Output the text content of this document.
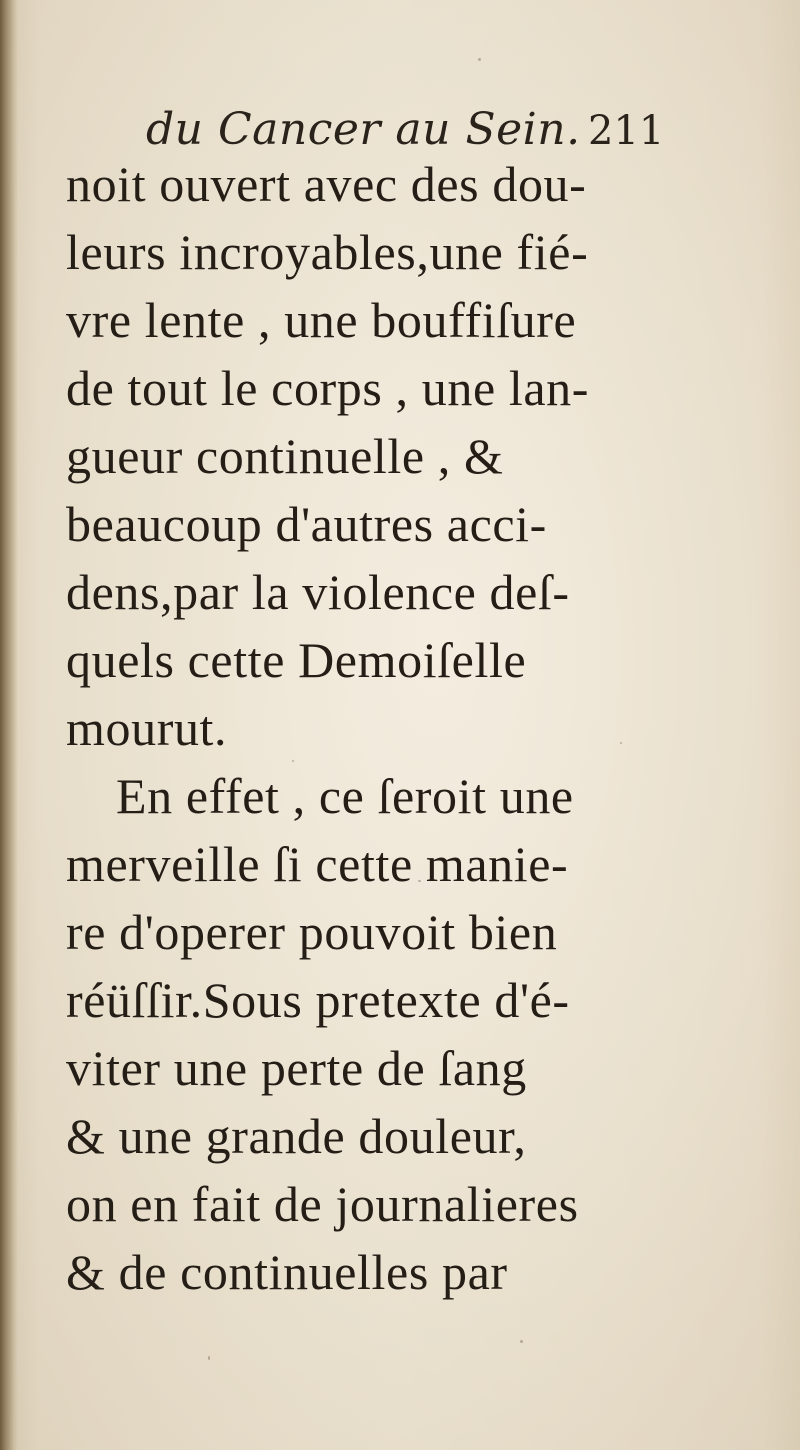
du Cancer au Sein. 211
noit ouvert avec des dou-
leurs incroyables,une fié-
vre lente , une bouffiſure
de tout le corps , une lan-
gueur continuelle , &
beaucoup d'autres acci-
dens,par la violence deſ-
quels cette Demoiſelle
mourut.
En effet , ce ſeroit une
merveille ſi cette manie-
re d'operer pouvoit bien
réüſſir.Sous pretexte d'é-
viter une perte de ſang
& une grande douleur,
on en fait de journalieres
& de continuelles par
